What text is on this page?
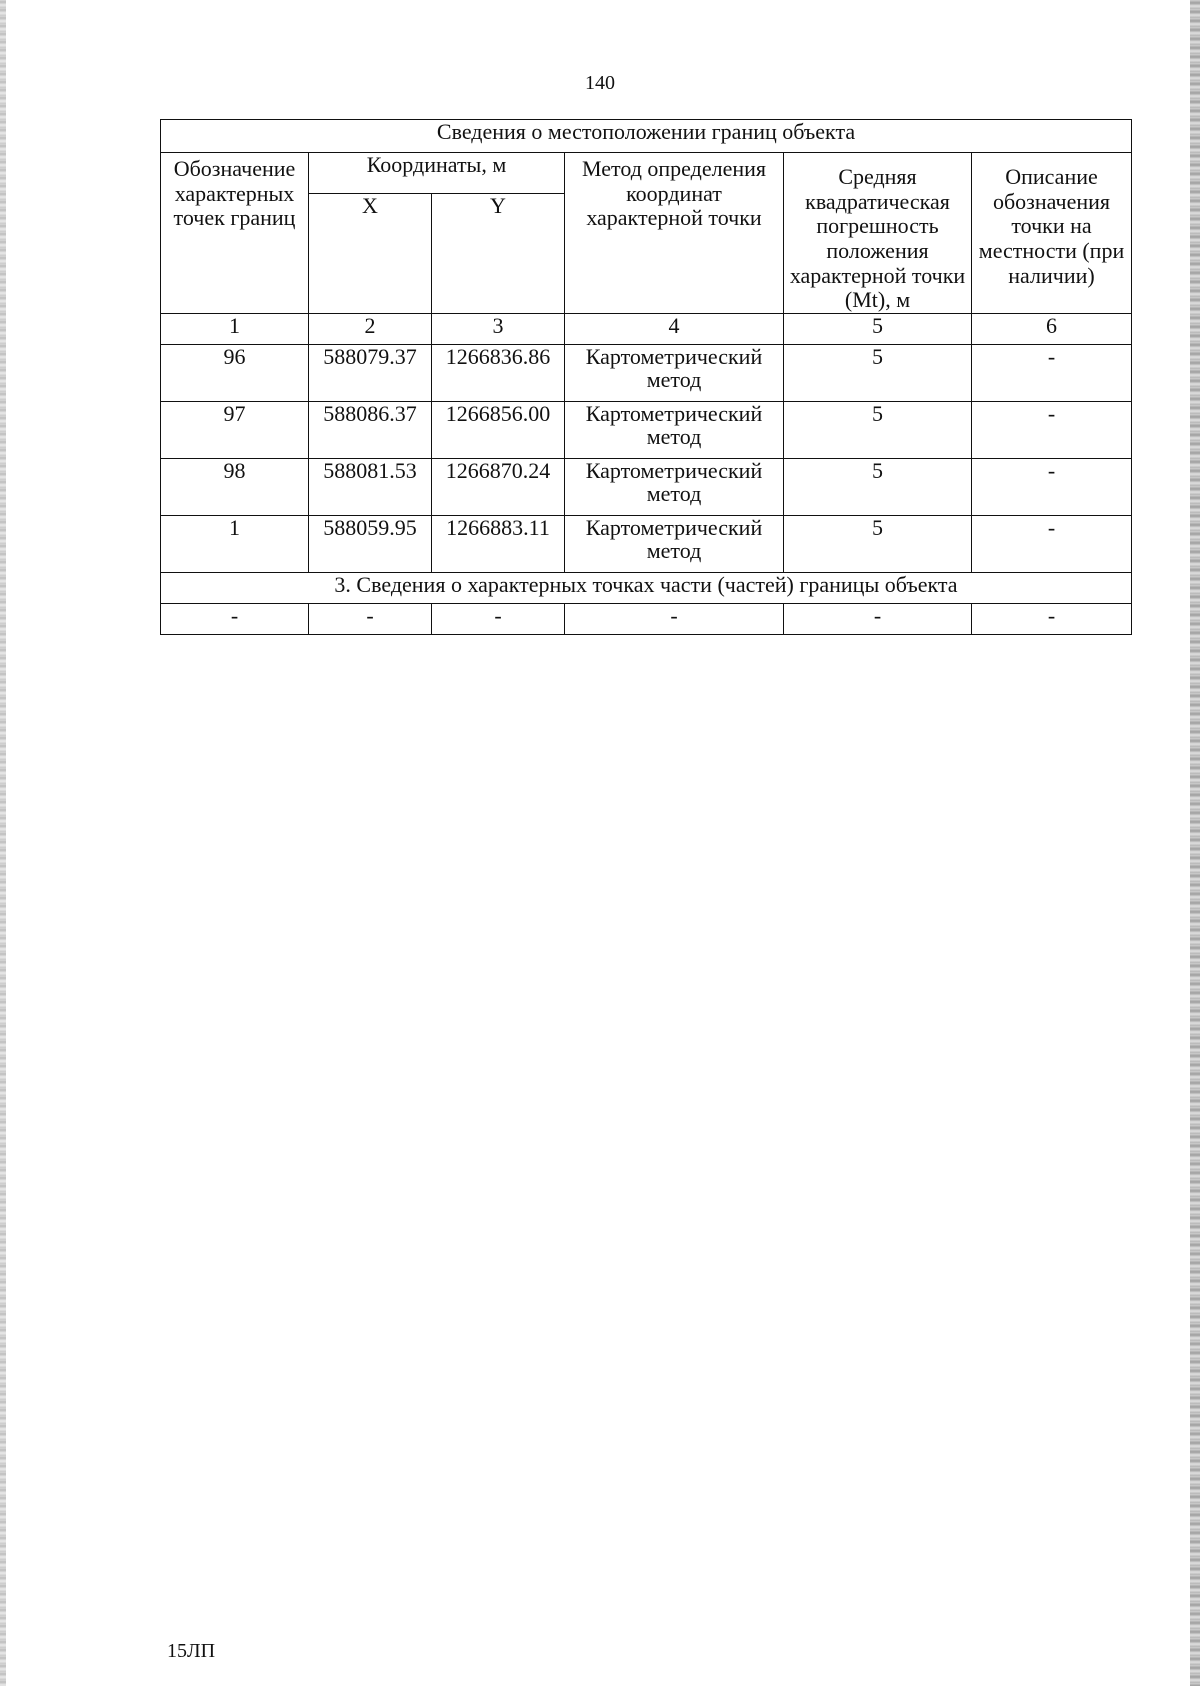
140
Сведения о местоположении границ объекта					
Обозначение характерных точек границ	Координаты, м		Метод определения координат характерной точки	Средняя квадратическая погрешность положения характерной точки (Mt), м	Описание обозначения точки на местности (при наличии)
	X	Y			
1	2	3	4	5	6
96	588079.37	1266836.86	Картометрический метод	5	-
97	588086.37	1266856.00	Картометрический метод	5	-
98	588081.53	1266870.24	Картометрический метод	5	-
1	588059.95	1266883.11	Картометрический метод	5	-
3. Сведения о характерных точках части (частей) границы объекта					
-	-	-	-	-	-
15ЛП
